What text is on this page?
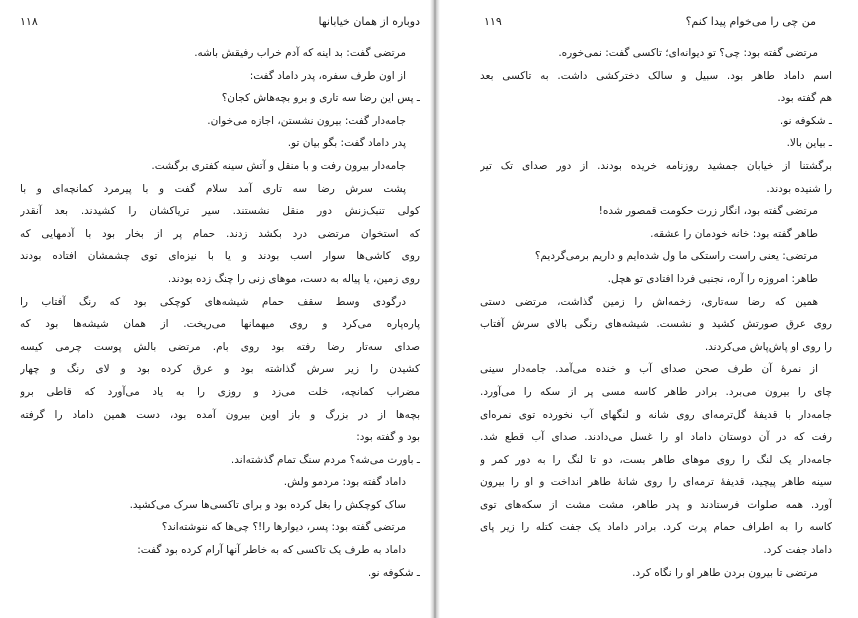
دوباره از همان خیابانها
۱۱۸
مرتضی گفت: بد اینه که آدم خراب رفیقش باشه.
از اون طرف سفره، پدر داماد گفت:
ـ پس این رضا سه تاری و برو بچه‌هاش کجان؟
جامه‌دار گفت: بیرون نشستن، اجازه می‌خوان.
پدر داماد گفت: بگو بیان تو.
جامه‌دار بیرون رفت و با منقل و آتش سینه کفتری برگشت.
پشت سرش رضا سه تاری آمد سلام گفت و با پیرمرد کمانچه‌ای و با
کولی تنبک‌زنش دور منقل نشستند. سیر تریاکشان را کشیدند. بعد آنقدر
که استخوان مرتضی درد بکشد زدند. حمام پر از بخار بود با آدمهایی که
روی کاشی‌ها سوار اسب بودند و یا با نیزه‌ای توی چشمشان افتاده بودند
روی زمین، یا پیاله به دست، موهای زنی را چنگ زده بودند.
درگودی وسط سقف حمام شیشه‌های کوچکی بود که رنگ آفتاب را
پاره‌پاره می‌کرد و روی میهمانها می‌ریخت. از همان شیشه‌ها بود که
صدای سه‌تار رضا رفته بود روی بام. مرتضی بالش پوست چرمی کیسه
کشیدن را زیر سرش گذاشته بود و عرق کرده بود و لای رنگ و چهار
مضراب کمانچه، خلت می‌زد و روزی را به یاد می‌آورد که قاطی برو
بچه‌ها از در بزرگ و باز اوین بیرون آمده بود، دست همین داماد را گرفته
بود و گفته بود:
ـ باورت می‌شه؟ مردم سنگ تمام گذشته‌اند.
داماد گفته بود: مردمو ولش.
ساک کوچکش را بغل کرده بود و برای تاکسی‌ها سرک می‌کشید.
مرتضی گفته بود: پسر، دیوارها را!؟ چی‌ها که ننوشته‌اند؟
داماد به طرف یک تاکسی که به خاطر آنها آرام کرده بود گفت:
ـ شکوفه نو.
من چی را می‌خوام پیدا کنم؟
۱۱۹
مرتضی گفته بود: چی؟ تو دیوانه‌ای؛ تاکسی گفت: نمی‌خوره.
اسم داماد طاهر بود. سبیل و سالک دخترکشی داشت. به تاکسی بعد
هم گفته بود.
ـ شکوفه نو.
ـ بیاین بالا.
برگشتنا از خیابان جمشید روزنامه خریده بودند. از دور صدای تک تیر
را شنیده بودند.
مرتضی گفته بود، انگار زرت حکومت قمصور شده!
طاهر گفته بود: خانه خودمان را عشقه.
مرتضی: یعنی راست راستکی ما ول شده‌ایم و داریم برمی‌گردیم؟
طاهر: امروزه را آره، نجنبی فردا افتادی تو هچل.
همین که رضا سه‌تاری، زخمه‌اش را زمین گذاشت، مرتضی دستی
روی عرق صورتش کشید و نشست. شیشه‌های رنگی بالای سرش آفتاب
را روی او پاش‌پاش می‌کردند.
از نمرهٔ آن طرف صحن صدای آب و خنده می‌آمد. جامه‌دار سینی
چای را بیرون می‌برد. برادر طاهر کاسه مسی پر از سکه را می‌آورد.
جامه‌دار با قدیفهٔ گل‌ترمه‌ای روی شانه و لنگهای آب نخورده توی نمره‌ای
رفت که در آن دوستان داماد او را غسل می‌دادند. صدای آب قطع شد.
جامه‌دار یک لنگ را روی موهای طاهر بست، دو تا لنگ را به دور کمر و
سینه طاهر پیچید، قدیفهٔ ترمه‌ای را روی شانهٔ طاهر انداخت و او را بیرون
آورد. همه صلوات فرستادند و پدر طاهر، مشت مشت از سکه‌های توی
کاسه را به اطراف حمام پرت کرد. برادر داماد یک جفت کتله را زیر پای
داماد جفت کرد.
مرتضی تا بیرون بردن طاهر او را نگاه کرد.
